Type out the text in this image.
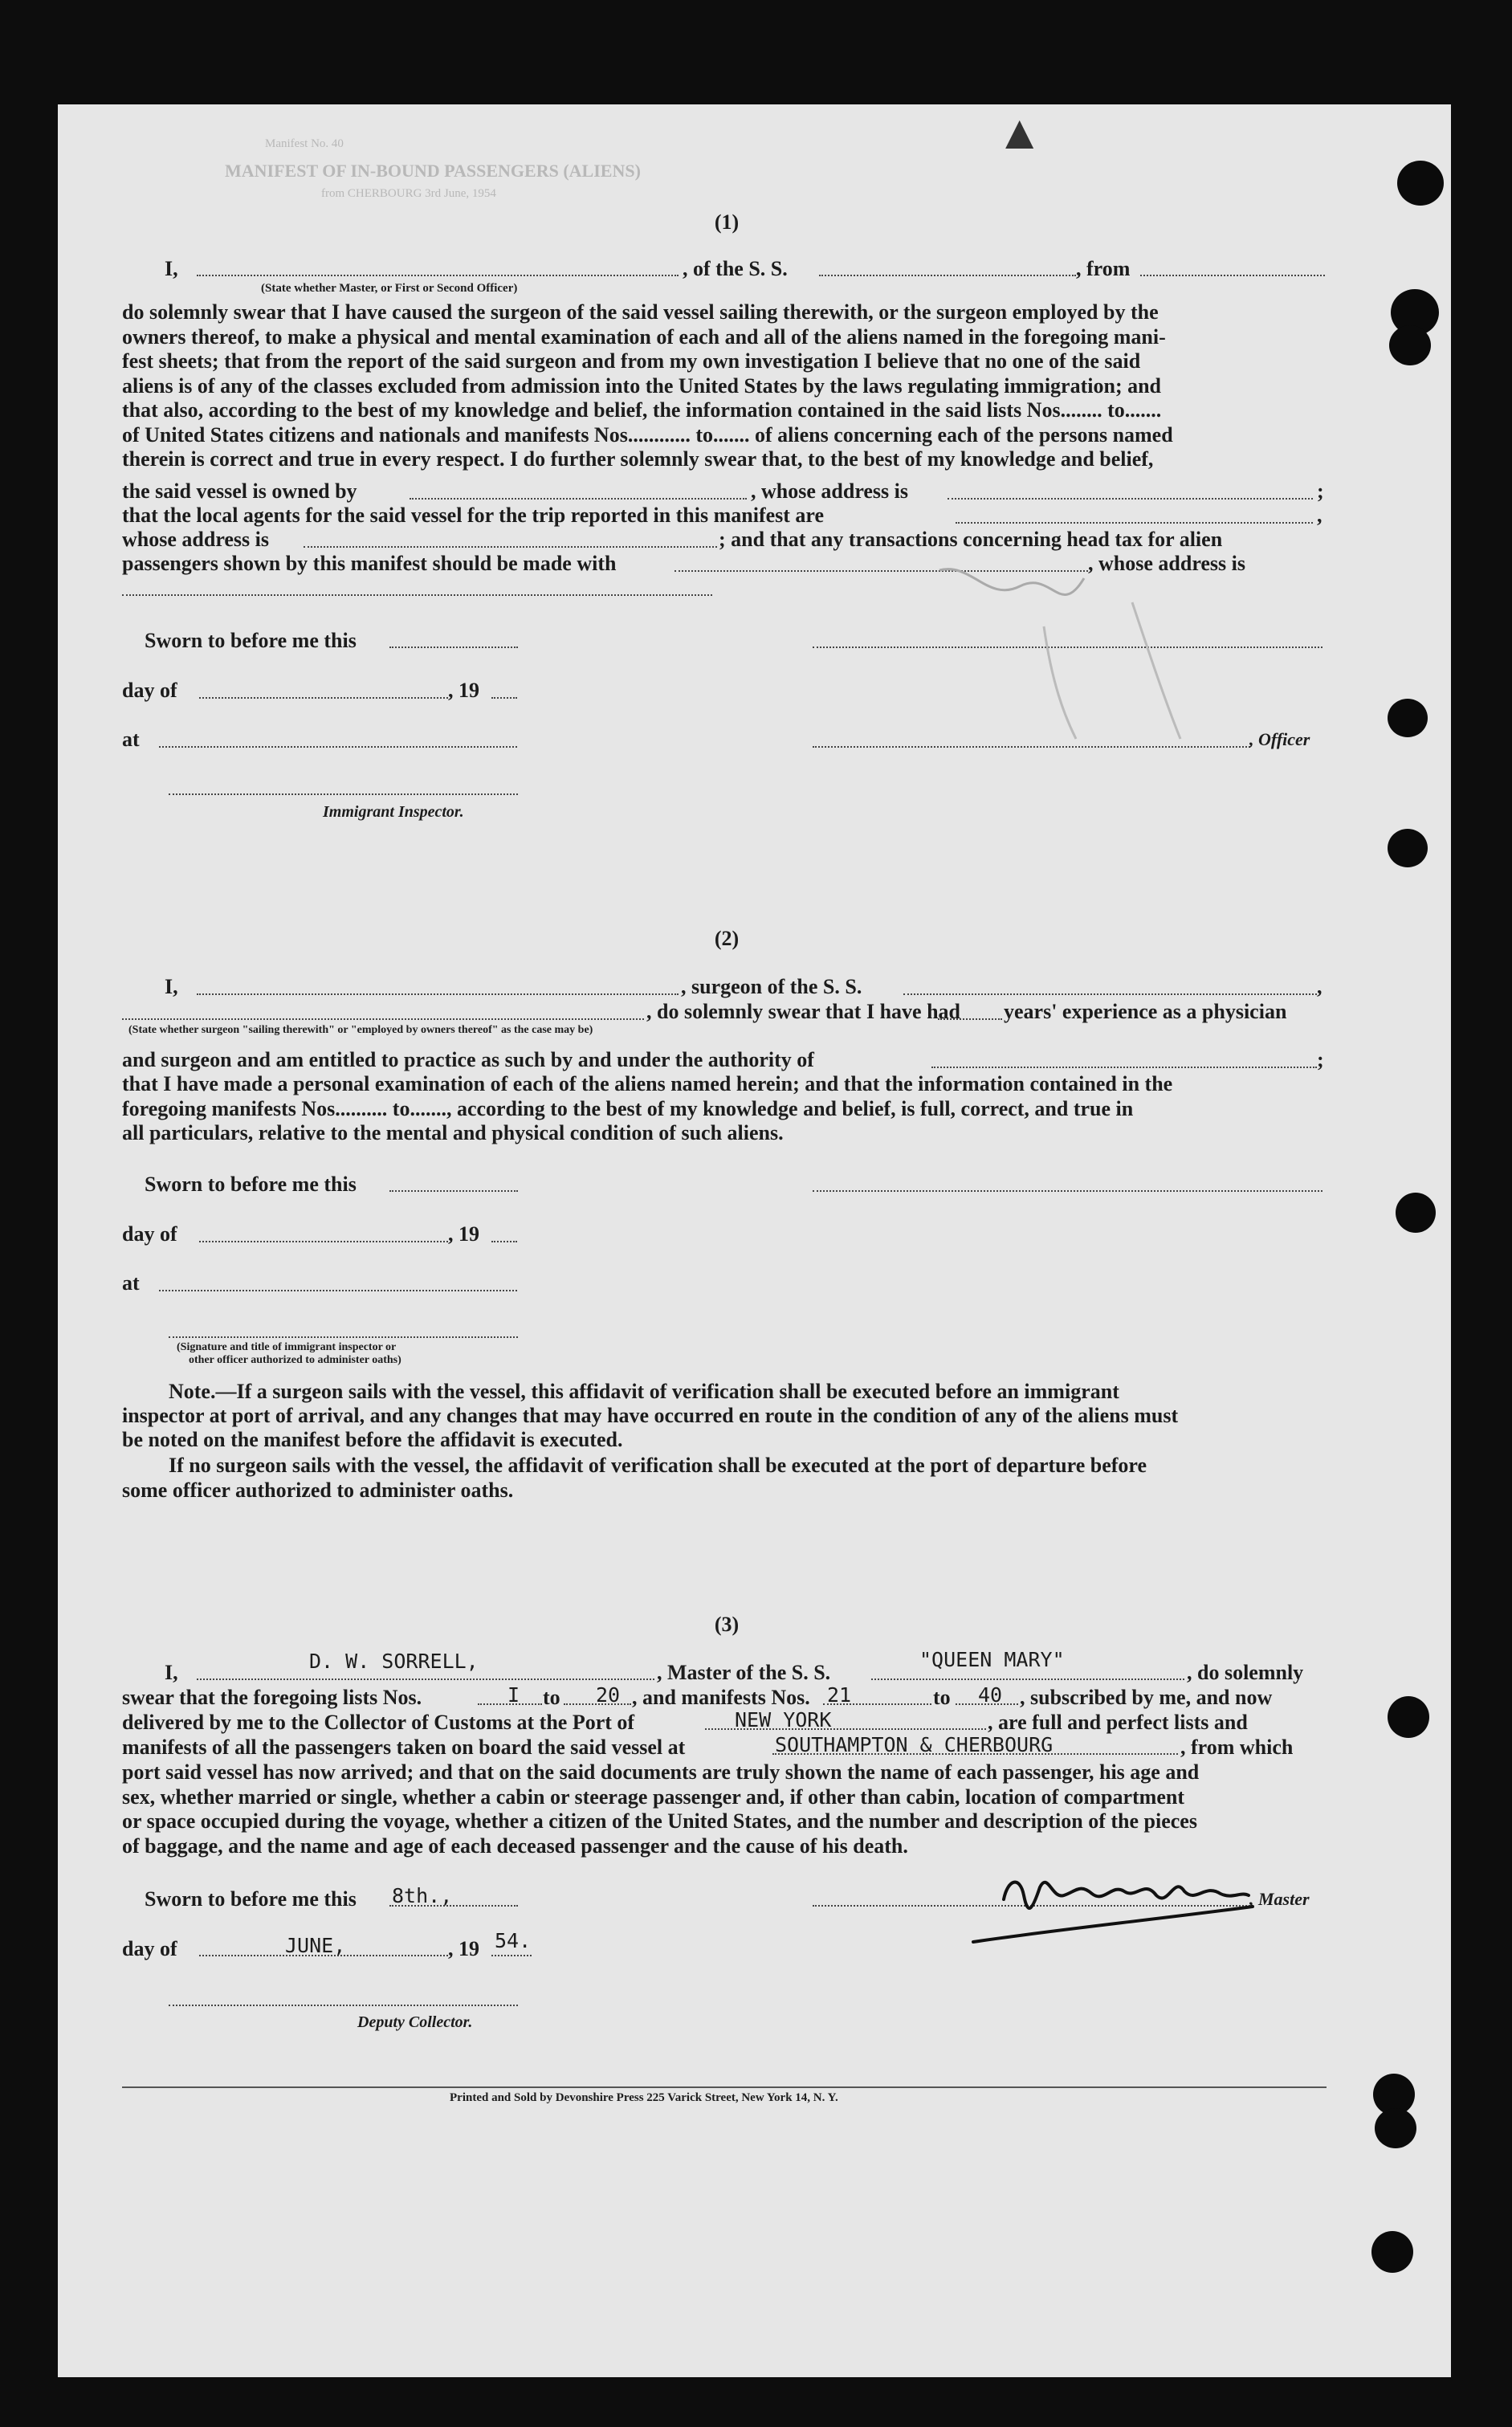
Manifest No. 40
MANIFEST OF IN-BOUND PASSENGERS (ALIENS)
from CHERBOURG 3rd June, 1954
▲
(1)
I,	, of the S. S.	, from
(State whether Master, or First or Second Officer)

do solemnly swear that I have caused the surgeon of the said vessel sailing therewith, or the surgeon employed by the

owners thereof, to make a physical and mental examination of each and all of the aliens named in the foregoing mani-

fest sheets; that from the report of the said surgeon and from my own investigation I believe that no one of the said

aliens is of any of the classes excluded from admission into the United States by the laws regulating immigration; and

that also, according to the best of my knowledge and belief, the information contained in the said lists Nos........ to.......

of United States citizens and nationals and manifests Nos............ to....... of aliens concerning each of the persons named

therein is correct and true in every respect. I do further solemnly swear that, to the best of my knowledge and belief,

the said vessel is owned by	, whose address is	;
that the local agents for the said vessel for the trip reported in this manifest are	,
whose address is	; and that any transactions concerning head tax for alien
passengers shown by this manifest should be made with	, whose address is
Sworn to before me this
day of	, 19
at	, Officer
Immigrant Inspector.
(2)
I,	, surgeon of the S. S.	,
, do solemnly swear that I have had years' experience as a physician
(State whether surgeon "sailing therewith" or "employed by owners thereof" as the case may be)
and surgeon and am entitled to practice as such by and under the authority of	;

that I have made a personal examination of each of the aliens named herein; and that the information contained in the

foregoing manifests Nos.......... to......., according to the best of my knowledge and belief, is full, correct, and true in

all particulars, relative to the mental and physical condition of such aliens.

Sworn to before me this
day of	, 19
at
(Signature and title of immigrant inspector or
other officer authorized to administer oaths)
Note.—If a surgeon sails with the vessel, this affidavit of verification shall be executed before an immigrant
inspector at port of arrival, and any changes that may have occurred en route in the condition of any of the aliens must
be noted on the manifest before the affidavit is executed.
If no surgeon sails with the vessel, the affidavit of verification shall be executed at the port of departure before
some officer authorized to administer oaths.
(3)
I,	D. W. SORRELL,	, Master of the S. S.
"QUEEN MARY"
, do solemnly
swear that the foregoing lists Nos.	I to 20 , and manifests Nos. 21	to 40 , subscribed by me, and now
delivered by me to the Collector of Customs at the Port of	NEW YORK	, are full and perfect lists and
manifests of all the passengers taken on board the said vessel at	SOUTHAMPTON & CHERBOURG	, from which

port said vessel has now arrived; and that on the said documents are truly shown the name of each passenger, his age and

sex, whether married or single, whether a cabin or steerage passenger and, if other than cabin, location of compartment

or space occupied during the voyage, whether a citizen of the United States, and the number and description of the pieces

of baggage, and the name and age of each deceased passenger and the cause of his death.

Sworn to before me this 8th.,	, Master
day of	JUNE,	, 19 54.
Deputy Collector.
Printed and Sold by Devonshire Press 225 Varick Street, New York 14, N. Y.
